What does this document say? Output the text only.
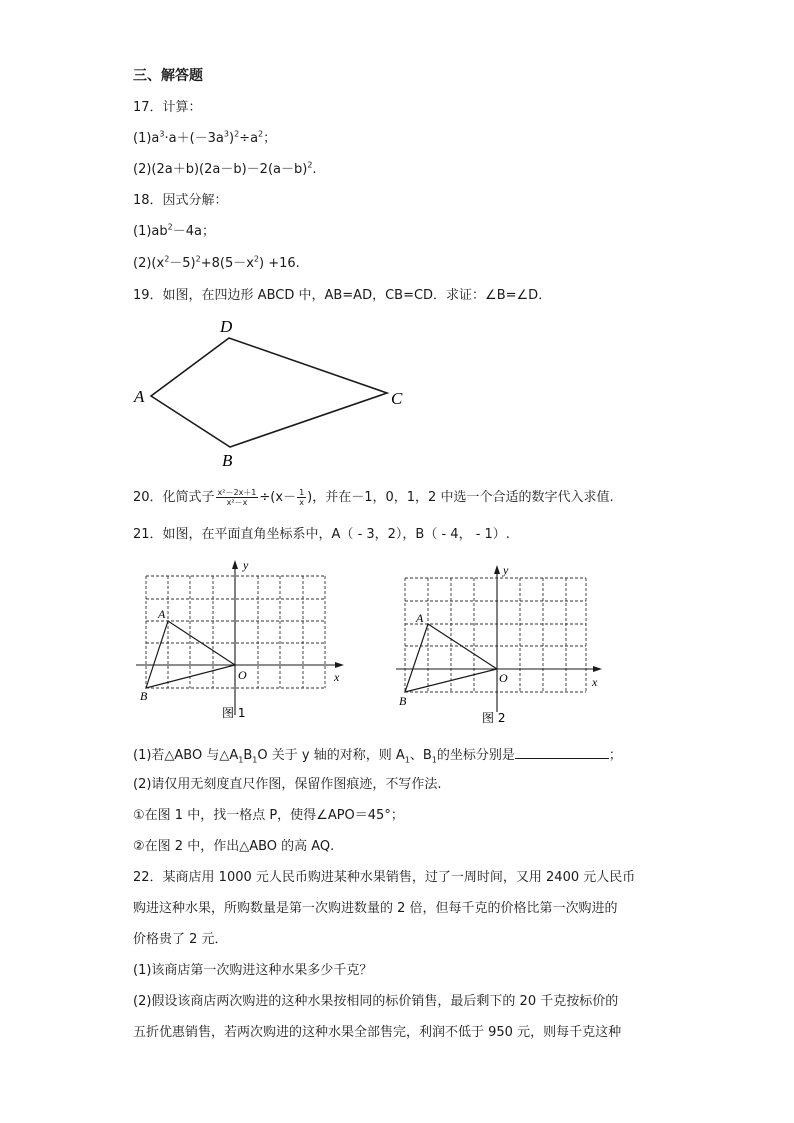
三、解答题
17．计算：
$(1)a^3\cdot a+(-3a^3)^2\div a^2$；
$(2)(2a+b)(2a-b)-2(a-b)^2$.
18．因式分解：
$(1)ab^2-4a$；
$(2)(x^2-5)^2+8(5-x^2) +16$.
19．如图，在四边形 ABCD 中，AB=AD，CB=CD．求证：∠B=∠D．
D
A	C
B
20．化简式子 $\frac{\text{x²－2x＋1}}{\text{x²－x}} \div(x- \frac{1}{x}$ )，并在－1，0，1，2 中选一个合适的数字代入求值.
21．如图，在平面直角坐标系中，A（ - 3，2），B（ - 4， - 1）.
y
x
O
A
B
图 1
y
x
O
A
B
图 2
(1)若△ABO 与$\triangle A_1B_1O$ 关于 y 轴的对称，则 $A_1$、$B_1$的坐标分别是	；
(2)请仅用无刻度直尺作图，保留作图痕迹，不写作法.
①在图 1 中，找一格点 P，使得∠APO＝45°；
②在图 2 中，作出△ABO 的高 AQ.
22．某商店用 1000 元人民币购进某种水果销售，过了一周时间，又用 2400 元人民币
购进这种水果，所购数量是第一次购进数量的 2 倍，但每千克的价格比第一次购进的
价格贵了 2 元．
(1)该商店第一次购进这种水果多少千克？
(2)假设该商店两次购进的这种水果按相同的标价销售，最后剩下的 20 千克按标价的
五折优惠销售，若两次购进的这种水果全部售完，利润不低于 950 元，则每千克这种
